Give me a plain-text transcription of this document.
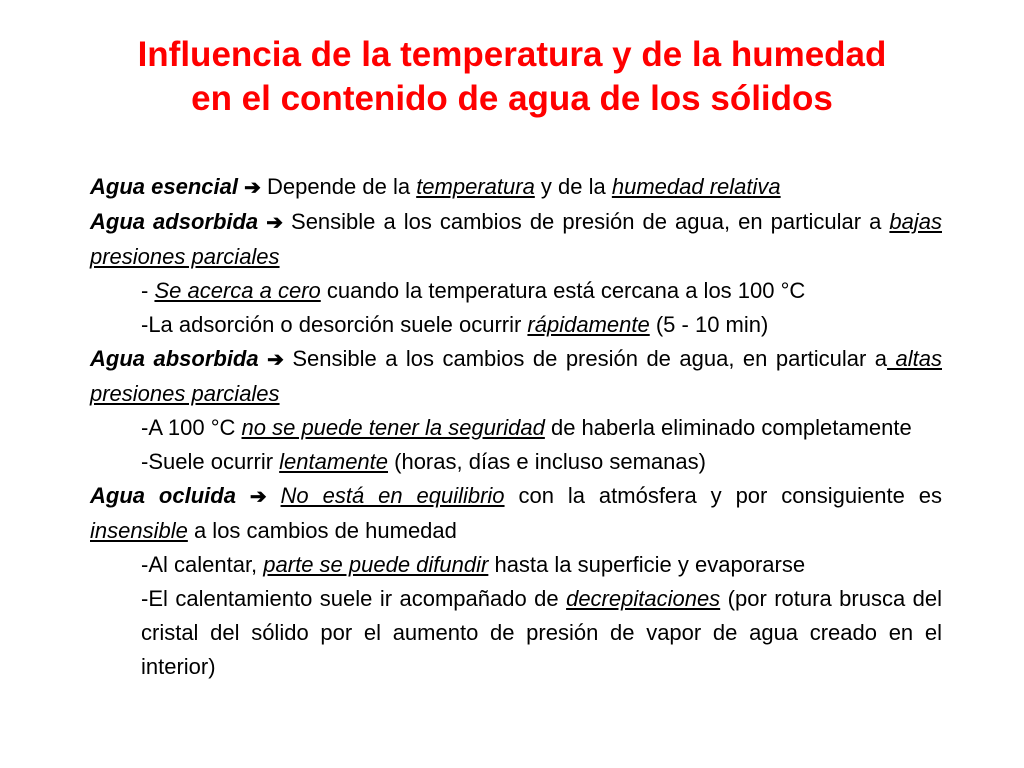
Influencia de la temperatura y de la humedad
en el contenido de agua de los sólidos

Agua esencial ➔ Depende de la temperatura y de la humedad relativa

Agua adsorbida ➔ Sensible a los cambios de presión de agua, en particular a bajas presiones parciales

- Se acerca a cero cuando la temperatura está cercana a los 100 °C

-La adsorción o desorción suele ocurrir rápidamente (5 - 10 min)

Agua absorbida ➔ Sensible a los cambios de presión de agua, en particular a altas presiones parciales

-A 100 °C no se puede tener la seguridad de haberla eliminado completamente

-Suele ocurrir lentamente (horas, días e incluso semanas)

Agua ocluida ➔ No está en equilibrio con la atmósfera y por consiguiente es insensible a los cambios de humedad

-Al calentar, parte se puede difundir hasta la superficie y evaporarse

-El calentamiento suele ir acompañado de decrepitaciones (por rotura brusca del cristal del sólido por el aumento de presión de vapor de agua creado en el interior)
